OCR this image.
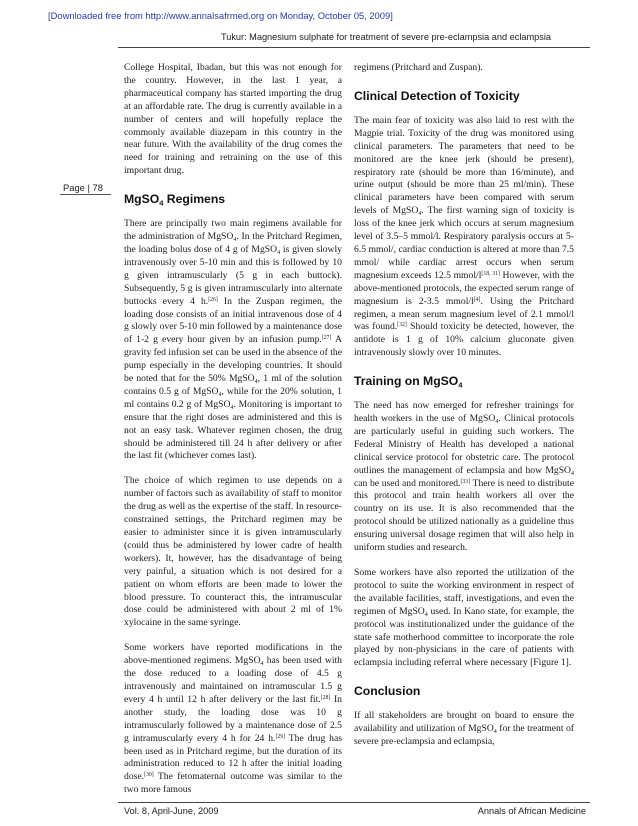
[Downloaded free from http://www.annalsafrmed.org on Monday, October 05, 2009]
Tukur: Magnesium sulphate for treatment of severe pre-eclampsia and eclampsia
Page | 78

College Hospital, Ibadan, but this was not enough for the country. However, in the last 1 year, a pharmaceutical company has started importing the drug at an affordable rate. The drug is currently available in a number of centers and will hopefully replace the commonly available diazepam in this country in the near future. With the availability of the drug comes the need for training and retraining on the use of this important drug.

MgSO$_4$ Regimens

There are principally two main regimens available for the administration of MgSO$_4$. In the Pritchard Regimen, the loading bolus dose of 4 g of MgSO$_4$ is given slowly intravenously over 5-10 min and this is followed by 10 g given intramuscularly (5 g in each buttock). Subsequently, 5 g is given intramuscularly into alternate buttocks every 4 h.[26] In the Zuspan regimen, the loading dose consists of an initial intravenous dose of 4 g slowly over 5-10 min followed by a maintenance dose of 1-2 g every hour given by an infusion pump.[27] A gravity fed infusion set can be used in the absence of the pump especially in the developing countries. It should be noted that for the 50% MgSO$_4$, 1 ml of the solution contains 0.5 g of MgSO$_4$, while for the 20% solution, 1 ml contains 0.2 g of MgSO$_4$. Monitoring is important to ensure that the right doses are administered and this is not an easy task. Whatever regimen chosen, the drug should be administered till 24 h after delivery or after the last fit (whichever comes last).

The choice of which regimen to use depends on a number of factors such as availability of staff to monitor the drug as well as the expertise of the staff. In resource-constrained settings, the Pritchard regimen may be easier to administer since it is given intramuscularly (could thus be administered by lower cadre of health workers). It, however, has the disadvantage of being very painful, a situation which is not desired for a patient on whom efforts are been made to lower the blood pressure. To counteract this, the intramuscular dose could be administered with about 2 ml of 1% xylocaine in the same syringe.

Some workers have reported modifications in the above-mentioned regimens. MgSO$_4$ has been used with the dose reduced to a loading dose of 4.5 g intravenously and maintained on intramuscular 1.5 g every 4 h until 12 h after delivery or the last fit.[28] In another study, the loading dose was 10 g intramuscularly followed by a maintenance dose of 2.5 g intramuscularly every 4 h for 24 h.[29] The drug has been used as in Pritchard regime, but the duration of its administration reduced to 12 h after the initial loading dose.[30] The fetomaternal outcome was similar to the two more famous

regimens (Pritchard and Zuspan).

Clinical Detection of Toxicity

The main fear of toxicity was also laid to rest with the Magpie trial. Toxicity of the drug was monitored using clinical parameters. The parameters that need to be monitored are the knee jerk (should be present), respiratory rate (should be more than 16/minute), and urine output (should be more than 25 ml/min). These clinical parameters have been compared with serum levels of MgSO$_4$. The first warning sign of toxicity is loss of the knee jerk which occurs at serum magnesium level of 3.5–5 mmol/l. Respiratory paralysis occurs at 5-6.5 mmol/, cardiac conduction is altered at more than 7.5 mmol/ while cardiac arrest occurs when serum magnesium exceeds 12.5 mmol/l[18, 31] However, with the above-mentioned protocols, the expected serum range of magnesium is 2-3.5 mmol/l[4]. Using the Pritchard regimen, a mean serum magnesium level of 2.1 mmol/l was found.[32] Should toxicity be detected, however, the antidote is 1 g of 10% calcium gluconate given intravenously slowly over 10 minutes.

Training on MgSO$_4$

The need has now emerged for refresher trainings for health workers in the use of MgSO$_4$. Clinical protocols are particularly useful in guiding such workers. The Federal Ministry of Health has developed a national clinical service protocol for obstetric care. The protocol outlines the management of eclampsia and how MgSO$_4$ can be used and monitored.[33] There is need to distribute this protocol and train health workers all over the country on its use. It is also recommended that the protocol should be utilized nationally as a guideline thus ensuring universal dosage regimen that will also help in uniform studies and research.

Some workers have also reported the utilization of the protocol to suite the working environment in respect of the available facilities, staff, investigations, and even the regimen of MgSO$_4$ used. In Kano state, for example, the protocol was institutionalized under the guidance of the state safe motherhood committee to incorporate the role played by non-physicians in the care of patients with eclampsia including referral where necessary [Figure 1].

Conclusion

If all stakeholders are brought on board to ensure the availability and utilization of MgSO$_4$ for the treatment of severe pre-eclampsia and eclampsia,

Vol. 8, April-June, 2009	Annals of African Medicine
